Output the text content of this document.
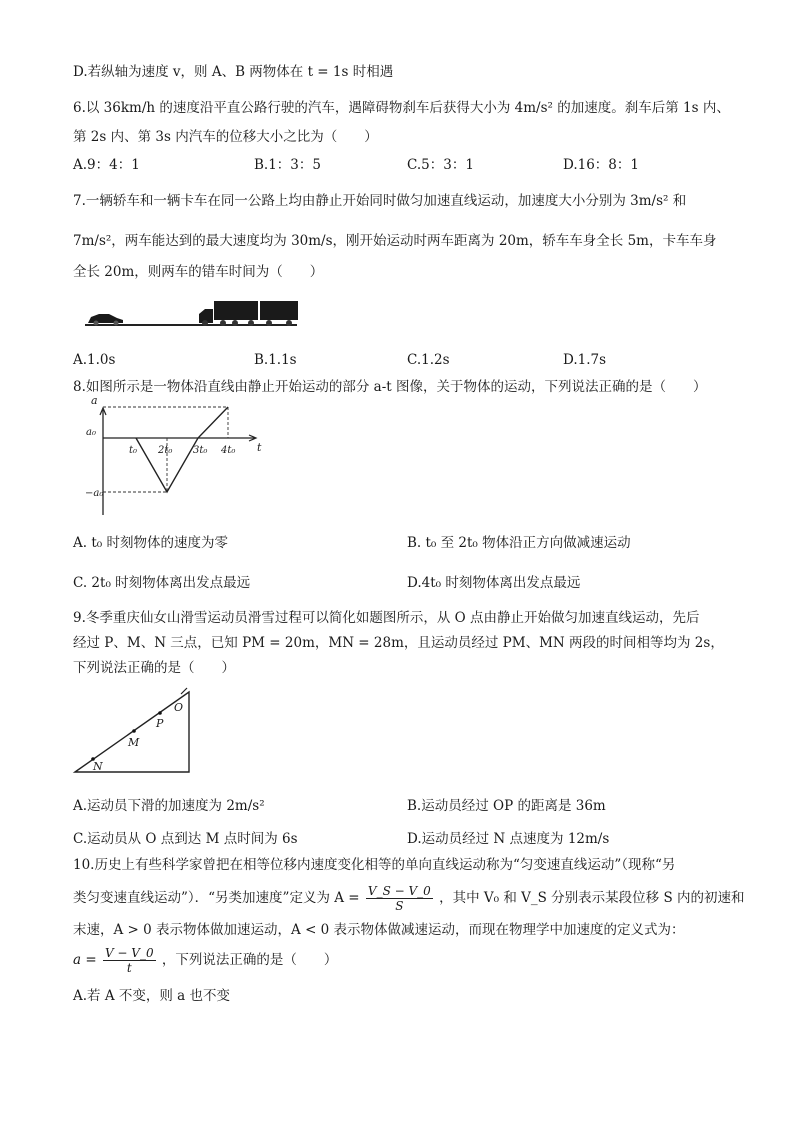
D.若纵轴为速度 v，则 A、B 两物体在 t = 1s 时相遇
6.以 36km/h 的速度沿平直公路行驶的汽车，遇障碍物刹车后获得大小为 4m/s² 的加速度。刹车后第 1s 内、
第 2s 内、第 3s 内汽车的位移大小之比为（　　）
A.9：4：1	B.1：3：5	C.5：3：1	D.16：8：1
7.一辆轿车和一辆卡车在同一公路上均由静止开始同时做匀加速直线运动，加速度大小分别为 3m/s² 和
7m/s²，两车能达到的最大速度均为 30m/s，刚开始运动时两车距离为 20m，轿车车身全长 5m，卡车车身
全长 20m，则两车的错车时间为（　　）
A.1.0s	B.1.1s	C.1.2s	D.1.7s
8.如图所示是一物体沿直线由静止开始运动的部分 a-t 图像，关于物体的运动，下列说法正确的是（　　）
a
a₀
−a₀
t
t₀ 2t₀ 3t₀ 4t₀
A. t₀ 时刻物体的速度为零	B. t₀ 至 2t₀ 物体沿正方向做减速运动
C. 2t₀ 时刻物体离出发点最远	D.4t₀ 时刻物体离出发点最远
9.冬季重庆仙女山滑雪运动员滑雪过程可以简化如题图所示，从 O 点由静止开始做匀加速直线运动，先后
经过 P、M、N 三点，已知 PM = 20m，MN = 28m，且运动员经过 PM、MN 两段的时间相等均为 2s，
下列说法正确的是（　　）
O
P
M
N
A.运动员下滑的加速度为 2m/s²	B.运动员经过 OP 的距离是 36m
C.运动员从 O 点到达 M 点时间为 6s	D.运动员经过 N 点速度为 12m/s
10.历史上有些科学家曾把在相等位移内速度变化相等的单向直线运动称为“匀变速直线运动”（现称“另
类匀变速直线运动”）．“另类加速度”定义为 $A = \frac{V\_S - V\_0}{S}$ ，其中 V₀ 和 V_S 分别表示某段位移 S 内的初速和
末速，A > 0 表示物体做加速运动，A < 0 表示物体做减速运动，而现在物理学中加速度的定义式为：
$a = \frac{V - V\_0}{t}$ ，下列说法正确的是（　　）
A.若 A 不变，则 a 也不变
